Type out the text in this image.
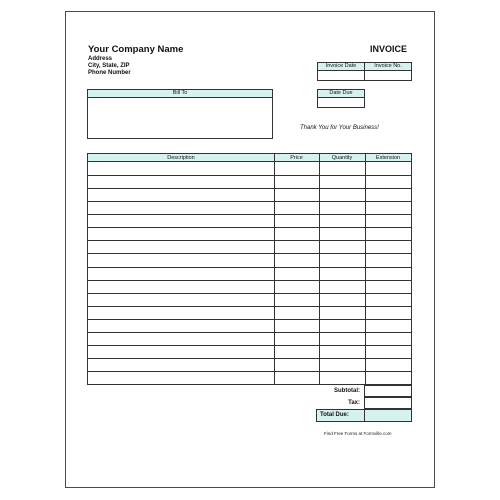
Your Company Name
Address
City, State, ZIP
Phone Number
INVOICE
Invoice Date	Invoice No.
Date Due
Bill To
Thank You for Your Business!
Description	Price	Quantity	Extension
Subtotal:
Tax:
Total Due:
Find Free Forms at Formville.com
